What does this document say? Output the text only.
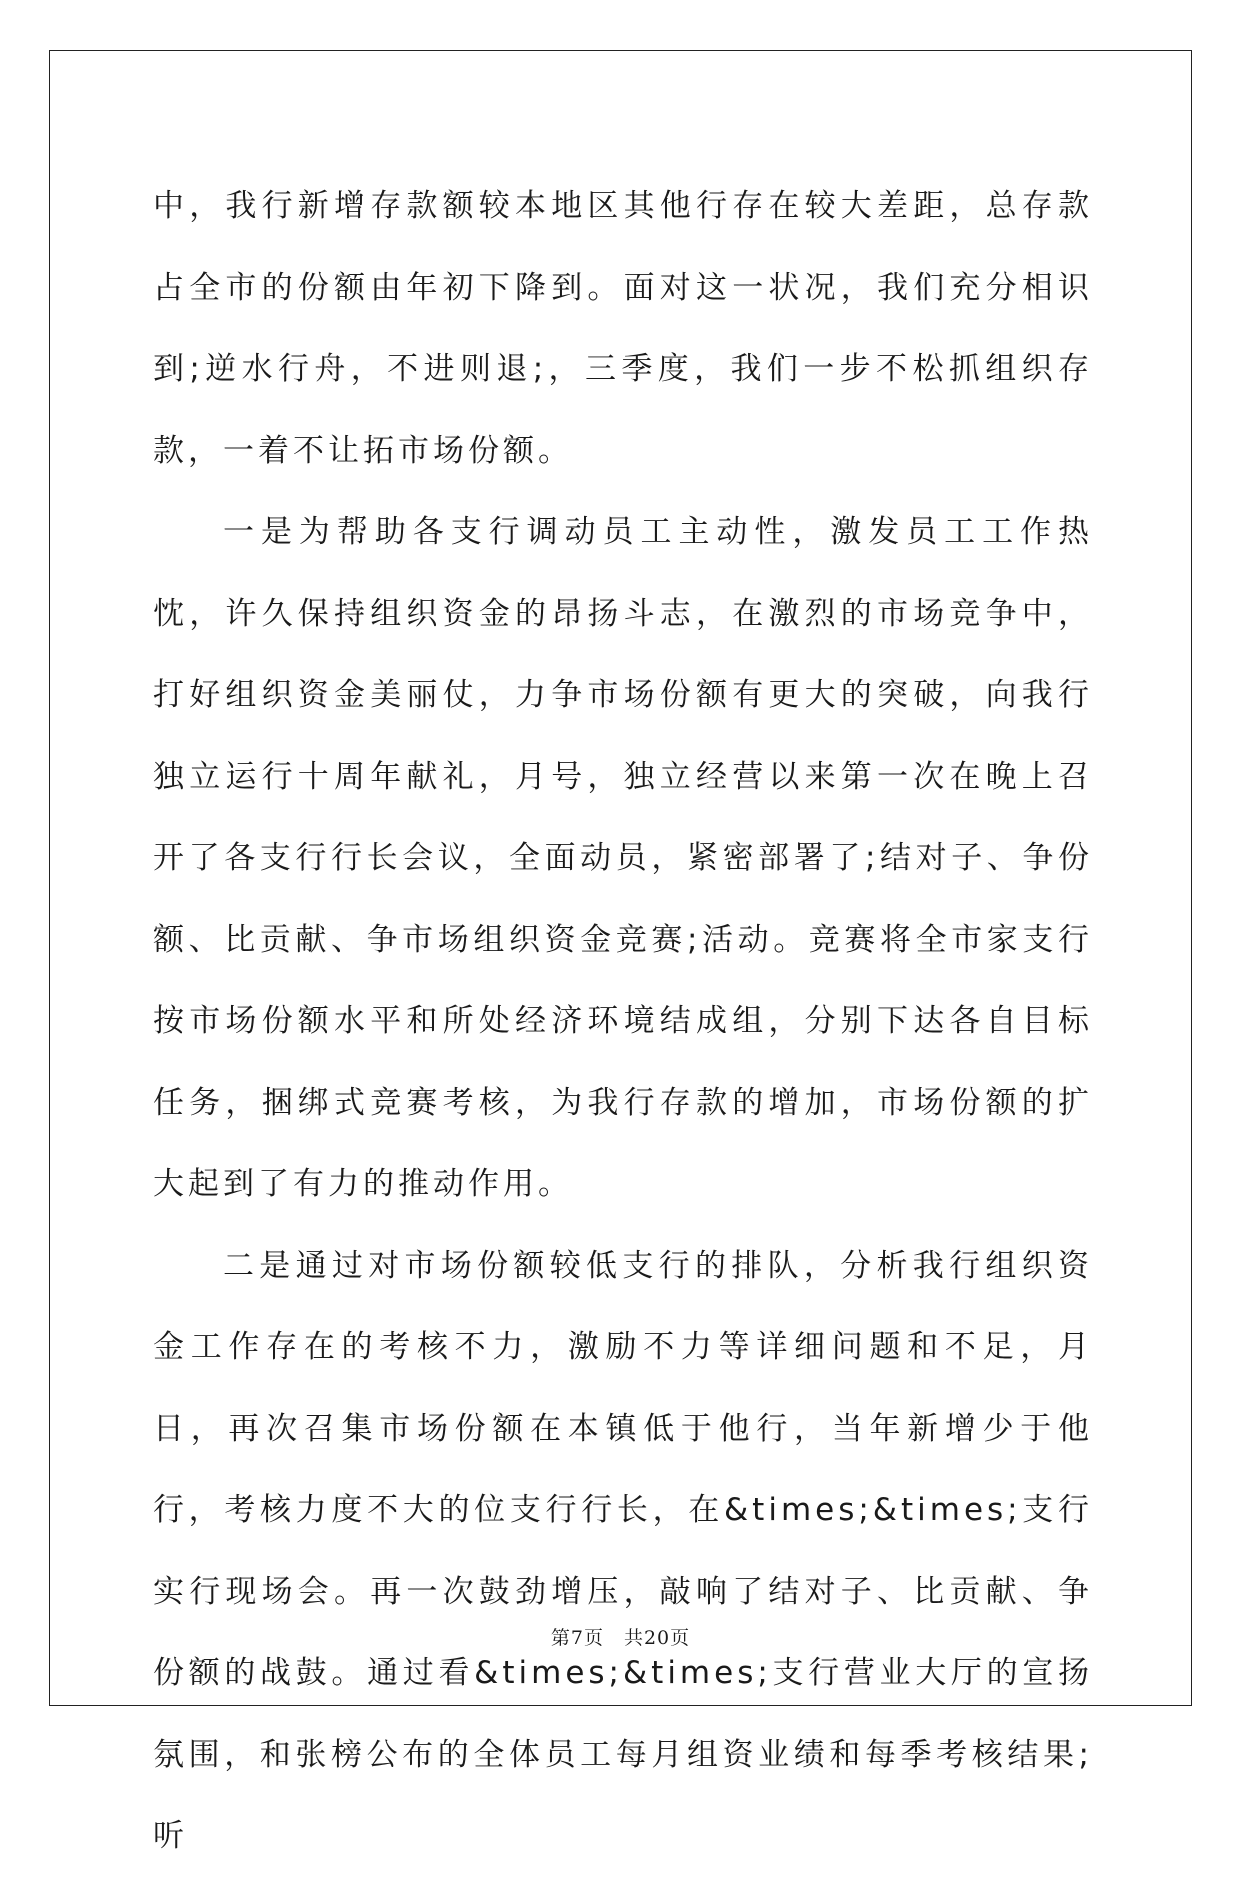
中，我行新增存款额较本地区其他行存在较大差距，总存款占全市的份额由年初下降到。面对这一状况，我们充分相识到;逆水行舟，不进则退;，三季度，我们一步不松抓组织存款，一着不让拓市场份额。

一是为帮助各支行调动员工主动性，激发员工工作热忱，许久保持组织资金的昂扬斗志，在激烈的市场竞争中，打好组织资金美丽仗，力争市场份额有更大的突破，向我行独立运行十周年献礼，月号，独立经营以来第一次在晚上召开了各支行行长会议，全面动员，紧密部署了;结对子、争份额、比贡献、争市场组织资金竞赛;活动。竞赛将全市家支行按市场份额水平和所处经济环境结成组，分别下达各自目标任务，捆绑式竞赛考核，为我行存款的增加，市场份额的扩大起到了有力的推动作用。

二是通过对市场份额较低支行的排队，分析我行组织资金工作存在的考核不力，激励不力等详细问题和不足，月日，再次召集市场份额在本镇低于他行，当年新增少于他行，考核力度不大的位支行行长，在&times;&times;支行实行现场会。再一次鼓劲增压，敲响了结对子、比贡献、争份额的战鼓。通过看&times;&times;支行营业大厅的宣扬氛围，和张榜公布的全体员工每月组资业绩和每季考核结果;听

第7页　共20页
